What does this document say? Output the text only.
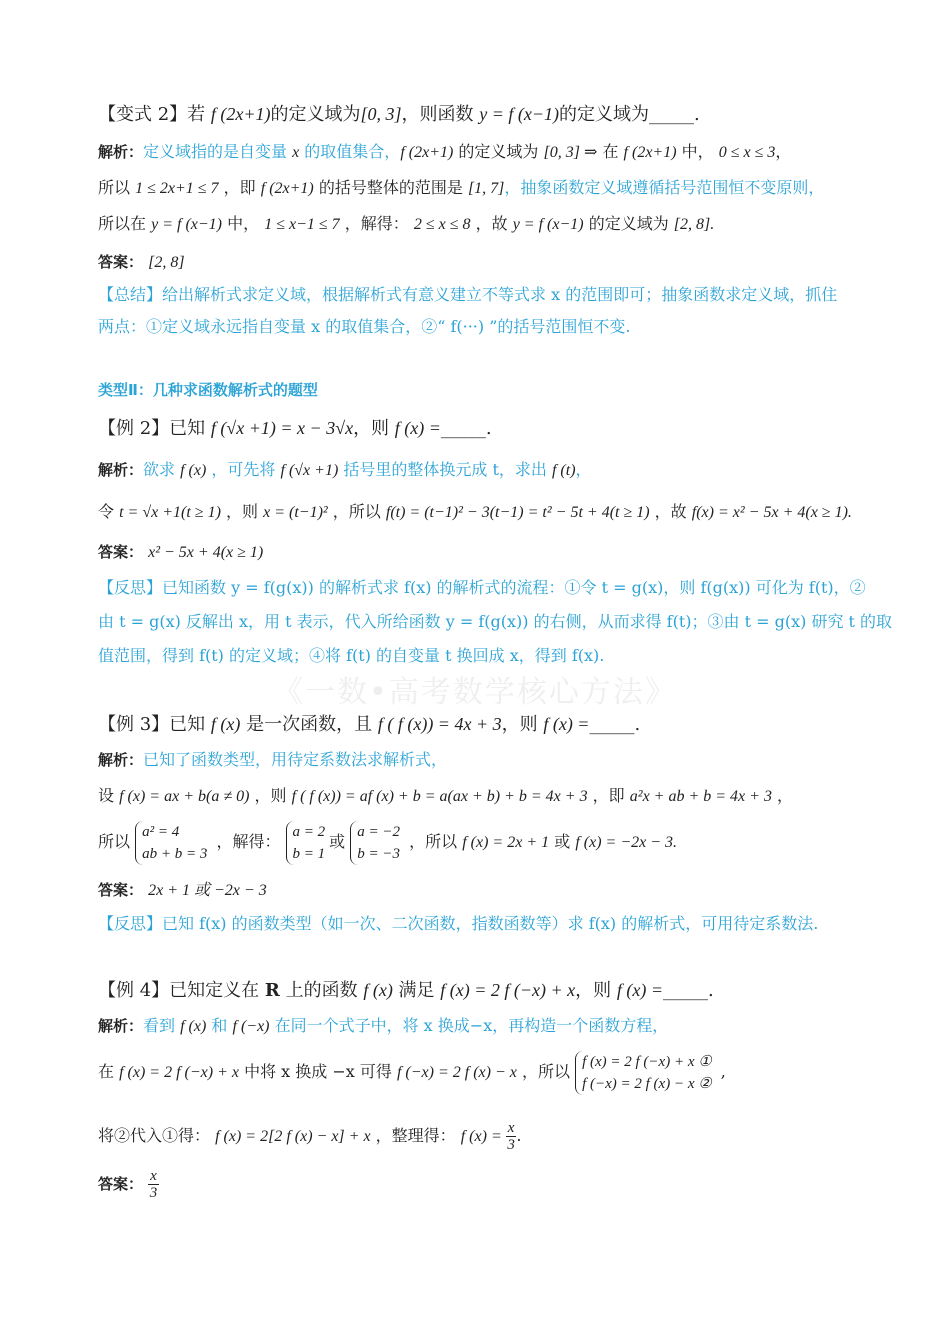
《一数•高考数学核心方法》
【变式 2】若 f (2x+1)的定义域为[0, 3]，则函数 y = f (x−1)的定义域为_____.
解析：定义域指的是自变量 x 的取值集合，f (2x+1) 的定义域为 [0, 3] ⇒ 在 f (2x+1) 中， 0 ≤ x ≤ 3，
所以 1 ≤ 2x+1 ≤ 7 ，即 f (2x+1) 的括号整体的范围是 [1, 7]，抽象函数定义域遵循括号范围恒不变原则，
所以在 y = f (x−1) 中， 1 ≤ x−1 ≤ 7 ，解得： 2 ≤ x ≤ 8 ，故 y = f (x−1) 的定义域为 [2, 8].
答案： [2, 8]
【总结】给出解析式求定义域，根据解析式有意义建立不等式求 x 的范围即可；抽象函数求定义域，抓住
两点：①定义域永远指自变量 x 的取值集合，②“ f(···) ”的括号范围恒不变.
类型Ⅱ：几种求函数解析式的题型
【例 2】已知 f (√x +1) = x − 3√x，则 f (x) =_____.
解析：欲求 f (x) ，可先将 f (√x +1) 括号里的整体换元成 t，求出 f (t)，
令 t = √x +1(t ≥ 1) ，则 x = (t−1)² ，所以 f(t) = (t−1)² − 3(t−1) = t² − 5t + 4(t ≥ 1) ，故 f(x) = x² − 5x + 4(x ≥ 1).
答案： x² − 5x + 4(x ≥ 1)
【反思】已知函数 y = f(g(x)) 的解析式求 f(x) 的解析式的流程：①令 t = g(x)，则 f(g(x)) 可化为 f(t)，②
由 t = g(x) 反解出 x，用 t 表示，代入所给函数 y = f(g(x)) 的右侧，从而求得 f(t)；③由 t = g(x) 研究 t 的取
值范围，得到 f(t) 的定义域；④将 f(t) 的自变量 t 换回成 x，得到 f(x).
【例 3】已知 f (x) 是一次函数，且 f ( f (x)) = 4x + 3，则 f (x) =_____.
解析：已知了函数类型，用待定系数法求解析式，
设 f (x) = ax + b(a ≠ 0) ，则 f ( f (x)) = af (x) + b = a(ax + b) + b = 4x + 3 ，即 a²x + ab + b = 4x + 3 ，
所以
a² = 4
ab + b = 3
，解得：
a = 2
b = 1
或
a = −2
b = −3
，所以 f (x) = 2x + 1 或 f (x) = −2x − 3.
答案： 2x + 1 或 −2x − 3
【反思】已知 f(x) 的函数类型（如一次、二次函数，指数函数等）求 f(x) 的解析式，可用待定系数法.
【例 4】已知定义在 R 上的函数 f (x) 满足 f (x) = 2 f (−x) + x，则 f (x) =_____.
解析：看到 f (x) 和 f (−x) 在同一个式子中，将 x 换成−x，再构造一个函数方程，
在 f (x) = 2 f (−x) + x 中将 x 换成 −x 可得 f (−x) = 2 f (x) − x ，所以
f (x) = 2 f (−x) + x ①
f (−x) = 2 f (x) − x ②
,
将②代入①得： f (x) = 2[2 f (x) − x] + x ，整理得： f $(x) = \frac{x}{3}$ .
答案： $\frac{x}{3}$
